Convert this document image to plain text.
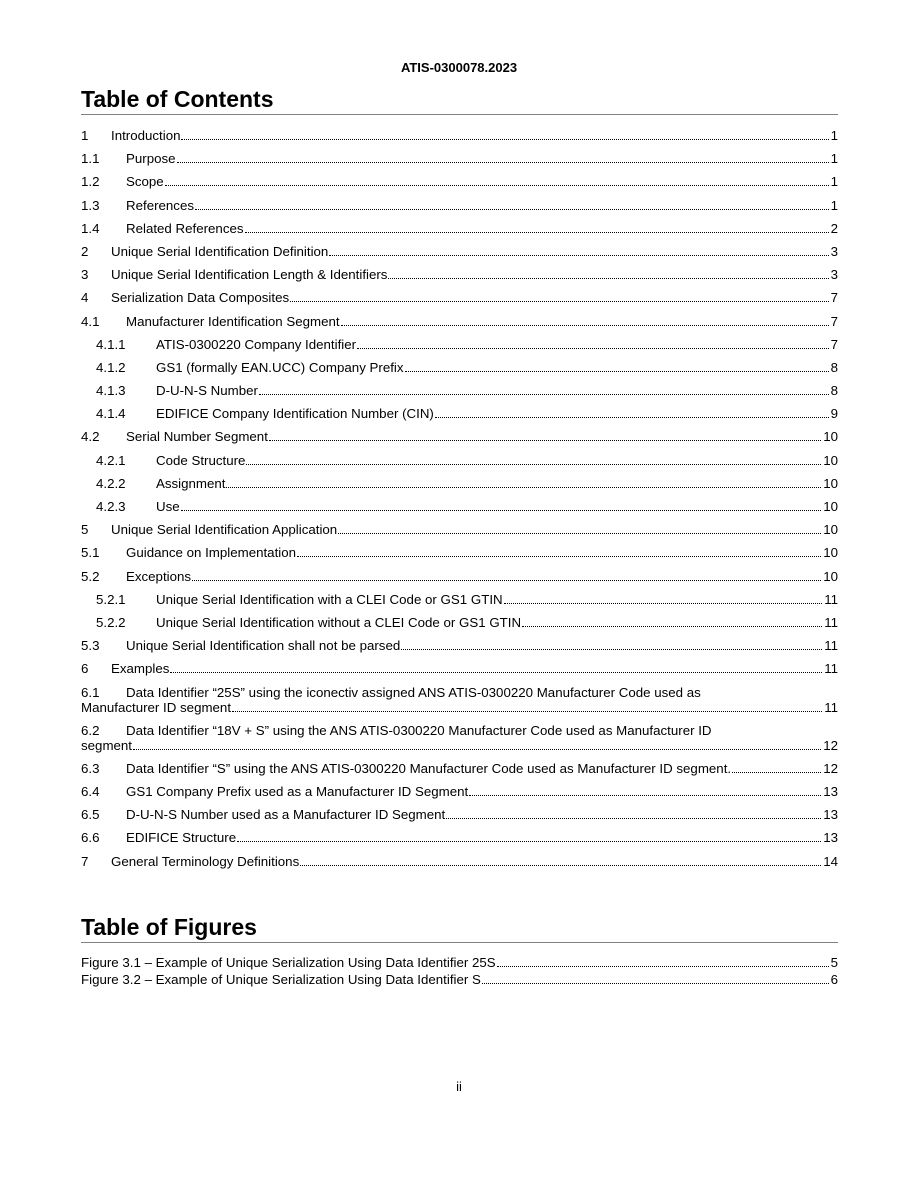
ATIS-0300078.2023
Table of Contents
1	Introduction	1
1.1	Purpose	1
1.2	Scope	1
1.3	References	1
1.4	Related References	2
2	Unique Serial Identification Definition	3
3	Unique Serial Identification Length & Identifiers	3
4	Serialization Data Composites	7
4.1	Manufacturer Identification Segment	7
4.1.1	ATIS-0300220 Company Identifier	7
4.1.2	GS1 (formally EAN.UCC) Company Prefix	8
4.1.3	D-U-N-S Number	8
4.1.4	EDIFICE Company Identification Number (CIN)	9
4.2	Serial Number Segment	10
4.2.1	Code Structure	10
4.2.2	Assignment	10
4.2.3	Use	10
5	Unique Serial Identification Application	10
5.1	Guidance on Implementation	10
5.2	Exceptions	10
5.2.1	Unique Serial Identification with a CLEI Code or GS1 GTIN	11
5.2.2	Unique Serial Identification without a CLEI Code or GS1 GTIN	11
5.3	Unique Serial Identification shall not be parsed	11
6	Examples	11
6.1 Data Identifier “25S” using the iconectiv assigned ANS ATIS-0300220 Manufacturer Code used as
Manufacturer ID segment	11
6.2 Data Identifier “18V + S” using the ANS ATIS-0300220 Manufacturer Code used as Manufacturer ID
segment	12
6.3	Data Identifier “S” using the ANS ATIS-0300220 Manufacturer Code used as Manufacturer ID segment.	12
6.4	GS1 Company Prefix used as a Manufacturer ID Segment	13
6.5	D-U-N-S Number used as a Manufacturer ID Segment	13
6.6	EDIFICE Structure	13
7	General Terminology Definitions	14
Table of Figures
Figure 3.1 – Example of Unique Serialization Using Data Identifier 25S	5
Figure 3.2 – Example of Unique Serialization Using Data Identifier S	6
ii
